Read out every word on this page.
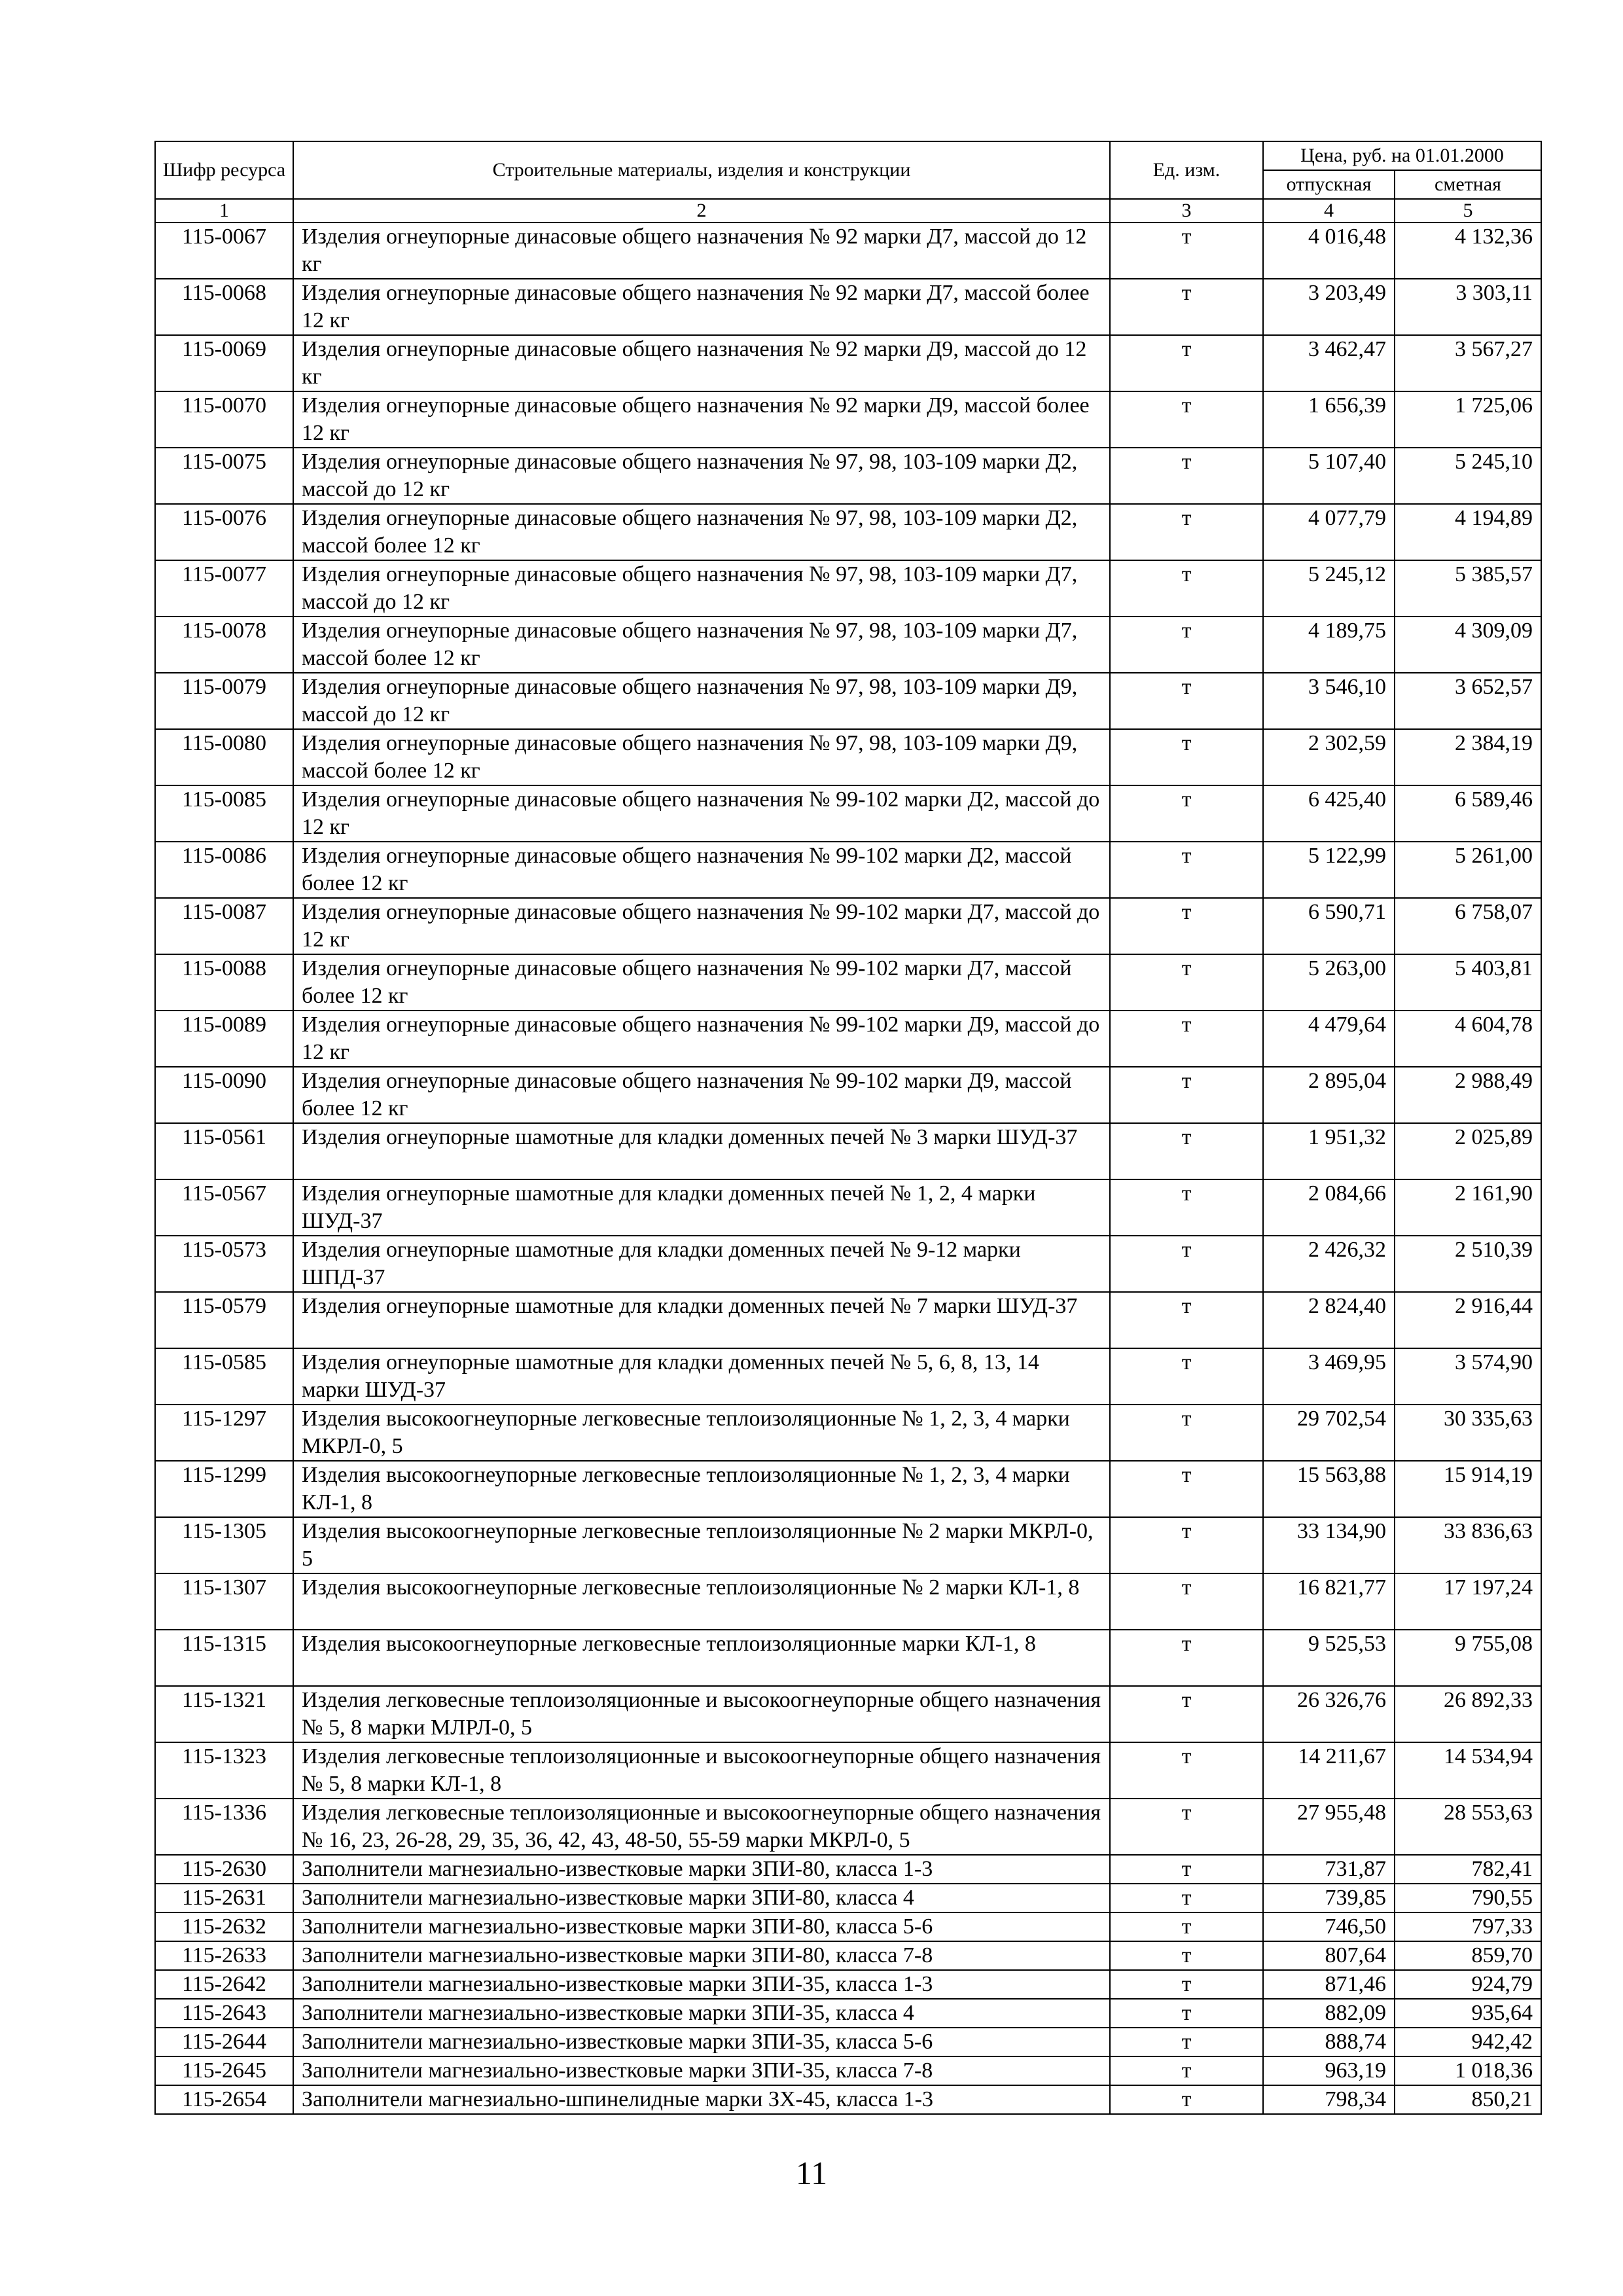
Шифр ресурса	Строительные материалы, изделия и конструкции	Ед. изм.	Цена, руб. на 01.01.2000	
			отпускная	сметная
1	2	3	4	5
115-0067	Изделия огнеупорные динасовые общего назначения № 92 марки Д7, массой до 12 кг	т	4 016,48	4 132,36
115-0068	Изделия огнеупорные динасовые общего назначения № 92 марки Д7, массой более 12 кг	т	3 203,49	3 303,11
115-0069	Изделия огнеупорные динасовые общего назначения № 92 марки Д9, массой до 12 кг	т	3 462,47	3 567,27
115-0070	Изделия огнеупорные динасовые общего назначения № 92 марки Д9, массой более 12 кг	т	1 656,39	1 725,06
115-0075	Изделия огнеупорные динасовые общего назначения № 97, 98, 103-109 марки Д2, массой до 12 кг	т	5 107,40	5 245,10
115-0076	Изделия огнеупорные динасовые общего назначения № 97, 98, 103-109 марки Д2, массой более 12 кг	т	4 077,79	4 194,89
115-0077	Изделия огнеупорные динасовые общего назначения № 97, 98, 103-109 марки Д7, массой до 12 кг	т	5 245,12	5 385,57
115-0078	Изделия огнеупорные динасовые общего назначения № 97, 98, 103-109 марки Д7, массой более 12 кг	т	4 189,75	4 309,09
115-0079	Изделия огнеупорные динасовые общего назначения № 97, 98, 103-109 марки Д9, массой до 12 кг	т	3 546,10	3 652,57
115-0080	Изделия огнеупорные динасовые общего назначения № 97, 98, 103-109 марки Д9, массой более 12 кг	т	2 302,59	2 384,19
115-0085	Изделия огнеупорные динасовые общего назначения № 99-102 марки Д2, массой до 12 кг	т	6 425,40	6 589,46
115-0086	Изделия огнеупорные динасовые общего назначения № 99-102 марки Д2, массой более 12 кг	т	5 122,99	5 261,00
115-0087	Изделия огнеупорные динасовые общего назначения № 99-102 марки Д7, массой до 12 кг	т	6 590,71	6 758,07
115-0088	Изделия огнеупорные динасовые общего назначения № 99-102 марки Д7, массой более 12 кг	т	5 263,00	5 403,81
115-0089	Изделия огнеупорные динасовые общего назначения № 99-102 марки Д9, массой до 12 кг	т	4 479,64	4 604,78
115-0090	Изделия огнеупорные динасовые общего назначения № 99-102 марки Д9, массой более 12 кг	т	2 895,04	2 988,49
115-0561	Изделия огнеупорные шамотные для кладки доменных печей № 3 марки ШУД-37	т	1 951,32	2 025,89
115-0567	Изделия огнеупорные шамотные для кладки доменных печей № 1, 2, 4 марки ШУД-37	т	2 084,66	2 161,90
115-0573	Изделия огнеупорные шамотные для кладки доменных печей № 9-12 марки ШПД-37	т	2 426,32	2 510,39
115-0579	Изделия огнеупорные шамотные для кладки доменных печей № 7 марки ШУД-37	т	2 824,40	2 916,44
115-0585	Изделия огнеупорные шамотные для кладки доменных печей № 5, 6, 8, 13, 14 марки ШУД-37	т	3 469,95	3 574,90
115-1297	Изделия высокоогнеупорные легковесные теплоизоляционные № 1, 2, 3, 4 марки МКРЛ-0, 5	т	29 702,54	30 335,63
115-1299	Изделия высокоогнеупорные легковесные теплоизоляционные № 1, 2, 3, 4 марки КЛ-1, 8	т	15 563,88	15 914,19
115-1305	Изделия высокоогнеупорные легковесные теплоизоляционные № 2 марки МКРЛ-0, 5	т	33 134,90	33 836,63
115-1307	Изделия высокоогнеупорные легковесные теплоизоляционные № 2 марки КЛ-1, 8	т	16 821,77	17 197,24
115-1315	Изделия высокоогнеупорные легковесные теплоизоляционные марки КЛ-1, 8	т	9 525,53	9 755,08
115-1321	Изделия легковесные теплоизоляционные и высокоогнеупорные общего назначения № 5, 8 марки МЛРЛ-0, 5	т	26 326,76	26 892,33
115-1323	Изделия легковесные теплоизоляционные и высокоогнеупорные общего назначения № 5, 8 марки КЛ-1, 8	т	14 211,67	14 534,94
115-1336	Изделия легковесные теплоизоляционные и высокоогнеупорные общего назначения № 16, 23, 26-28, 29, 35, 36, 42, 43, 48-50, 55-59 марки МКРЛ-0, 5	т	27 955,48	28 553,63
115-2630	Заполнители магнезиально-известковые марки ЗПИ-80, класса 1-3	т	731,87	782,41
115-2631	Заполнители магнезиально-известковые марки ЗПИ-80, класса 4	т	739,85	790,55
115-2632	Заполнители магнезиально-известковые марки ЗПИ-80, класса 5-6	т	746,50	797,33
115-2633	Заполнители магнезиально-известковые марки ЗПИ-80, класса 7-8	т	807,64	859,70
115-2642	Заполнители магнезиально-известковые марки ЗПИ-35, класса 1-3	т	871,46	924,79
115-2643	Заполнители магнезиально-известковые марки ЗПИ-35, класса 4	т	882,09	935,64
115-2644	Заполнители магнезиально-известковые марки ЗПИ-35, класса 5-6	т	888,74	942,42
115-2645	Заполнители магнезиально-известковые марки ЗПИ-35, класса 7-8	т	963,19	1 018,36
115-2654	Заполнители магнезиально-шпинелидные марки ЗХ-45, класса 1-3	т	798,34	850,21
11
